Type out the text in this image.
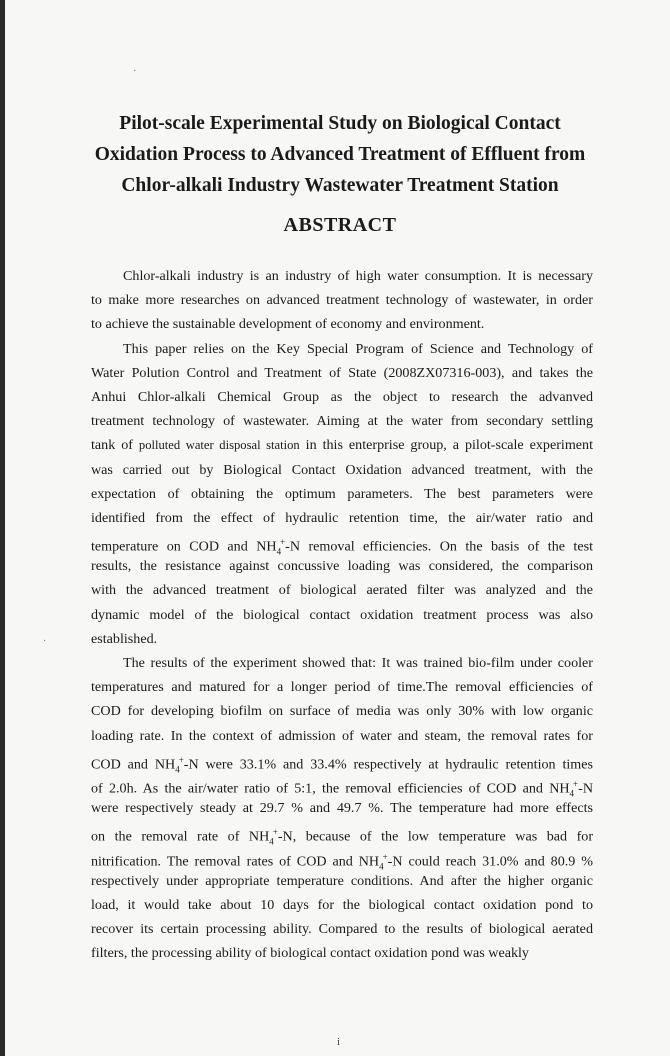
·
·
Pilot-scale Experimental Study on Biological Contact
Oxidation Process to Advanced Treatment of Effluent from
Chlor-alkali Industry Wastewater Treatment Station
ABSTRACT
Chlor-alkali industry is an industry of high water consumption. It is necessary
to make more researches on advanced treatment technology of wastewater, in order
to achieve the sustainable development of economy and environment.
This paper relies on the Key Special Program of Science and Technology of
Water Polution Control and Treatment of State (2008ZX07316-003), and takes the
Anhui Chlor-alkali Chemical Group as the object to research the advanved
treatment technology of wastewater. Aiming at the water from secondary settling
tank of polluted water disposal station in this enterprise group, a pilot-scale experiment
was carried out by Biological Contact Oxidation advanced treatment, with the
expectation of obtaining the optimum parameters. The best parameters were
identified from the effect of hydraulic retention time, the air/water ratio and
temperature on COD and $NH_4^+-N$ removal efficiencies. On the basis of the test
results, the resistance against concussive loading was considered, the comparison
with the advanced treatment of biological aerated filter was analyzed and the
dynamic model of the biological contact oxidation treatment process was also
established.
The results of the experiment showed that: It was trained bio-film under cooler
temperatures and matured for a longer period of time.The removal efficiencies of
COD for developing biofilm on surface of media was only 30% with low organic
loading rate. In the context of admission of water and steam, the removal rates for
COD and $NH_4^+-N$ were 33.1% and 33.4% respectively at hydraulic retention times
of 2.0h. As the air/water ratio of 5:1, the removal efficiencies of COD and $NH_4^+-N$
were respectively steady at 29.7 % and 49.7 %. The temperature had more effects
on the removal rate of $NH_4^+-N$, because of the low temperature was bad for
nitrification. The removal rates of COD and $NH_4^+-N$ could reach 31.0% and 80.9 %
respectively under appropriate temperature conditions. And after the higher organic
load, it would take about 10 days for the biological contact oxidation pond to
recover its certain processing ability. Compared to the results of biological aerated
filters, the processing ability of biological contact oxidation pond was weakly
i
